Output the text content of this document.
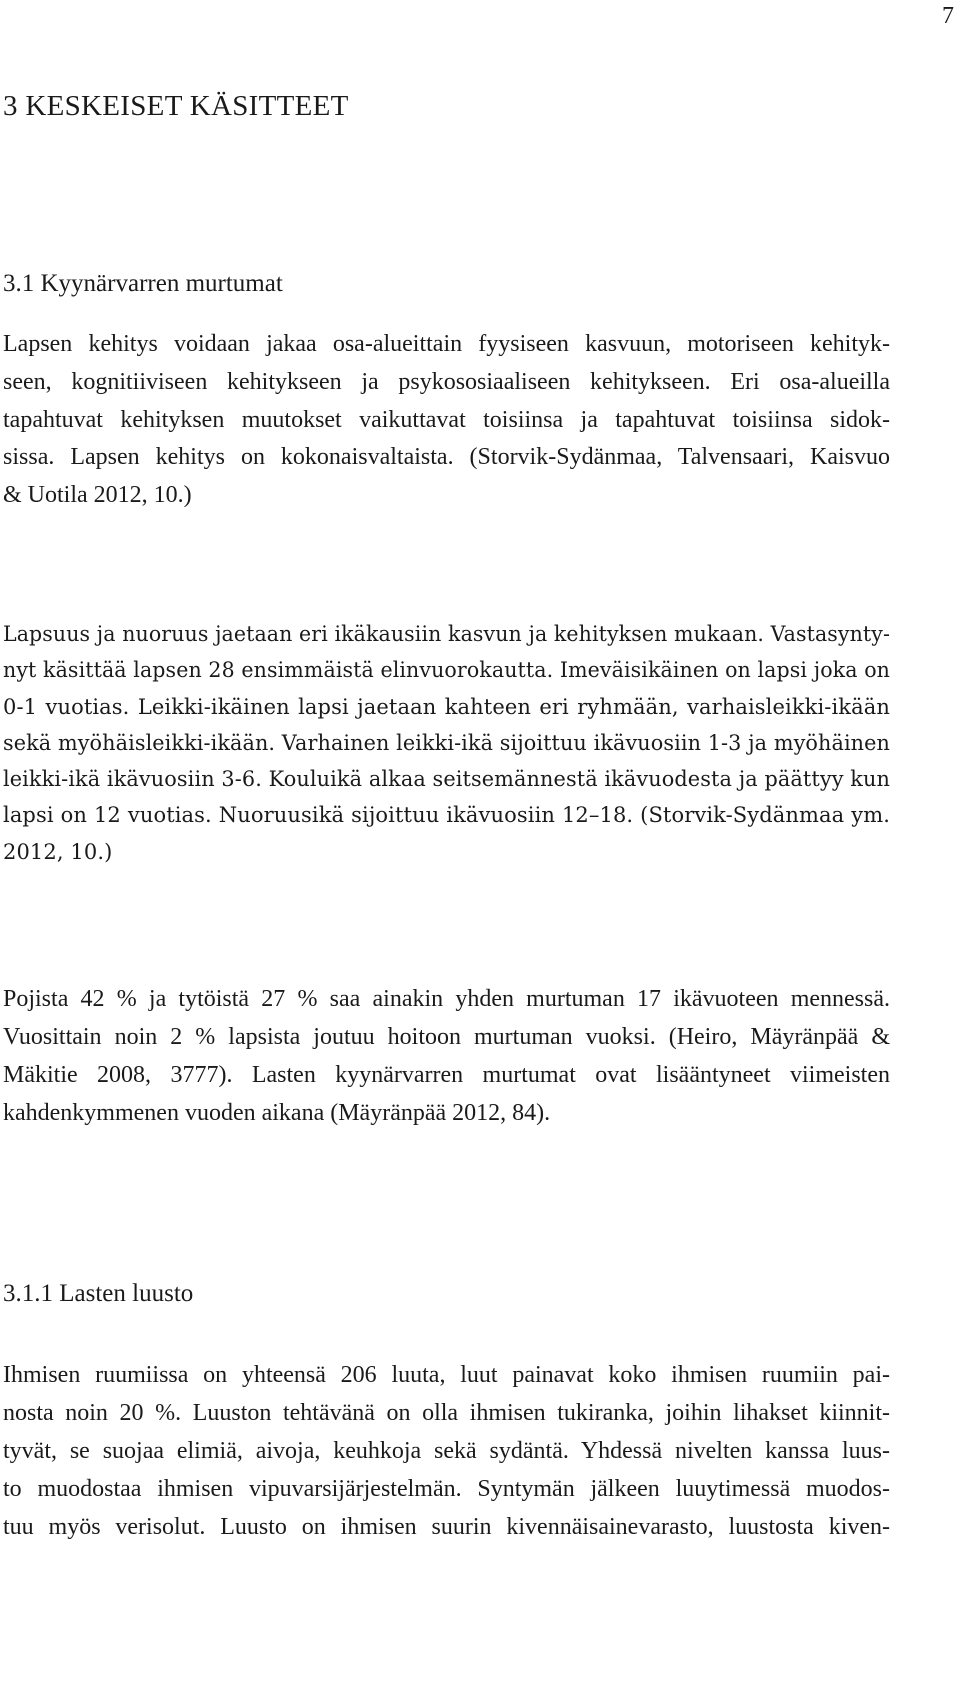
7
3 KESKEISET KÄSITTEET
3.1 Kyynärvarren murtumat
Lapsen kehitys voidaan jakaa osa-alueittain fyysiseen kasvuun, motoriseen kehityk-
seen, kognitiiviseen kehitykseen ja psykososiaaliseen kehitykseen. Eri osa-alueilla
tapahtuvat kehityksen muutokset vaikuttavat toisiinsa ja tapahtuvat toisiinsa sidok-
sissa. Lapsen kehitys on kokonaisvaltaista. (Storvik-Sydänmaa, Talvensaari, Kaisvuo
& Uotila 2012, 10.)
Lapsuus ja nuoruus jaetaan eri ikäkausiin kasvun ja kehityksen mukaan. Vastasynty-
nyt käsittää lapsen 28 ensimmäistä elinvuorokautta. Imeväisikäinen on lapsi joka on
0-1 vuotias. Leikki-ikäinen lapsi jaetaan kahteen eri ryhmään, varhaisleikki-ikään
sekä myöhäisleikki-ikään. Varhainen leikki-ikä sijoittuu ikävuosiin 1-3 ja myöhäinen
leikki-ikä ikävuosiin 3-6. Kouluikä alkaa seitsemännestä ikävuodesta ja päättyy kun
lapsi on 12 vuotias. Nuoruusikä sijoittuu ikävuosiin 12–18. (Storvik-Sydänmaa ym.
2012, 10.)
Pojista 42 % ja tytöistä 27 % saa ainakin yhden murtuman 17 ikävuoteen mennessä.
Vuosittain noin 2 % lapsista joutuu hoitoon murtuman vuoksi. (Heiro, Mäyränpää &
Mäkitie 2008, 3777). Lasten kyynärvarren murtumat ovat lisääntyneet viimeisten
kahdenkymmenen vuoden aikana (Mäyränpää 2012, 84).
3.1.1 Lasten luusto
Ihmisen ruumiissa on yhteensä 206 luuta, luut painavat koko ihmisen ruumiin pai-
nosta noin 20 %. Luuston tehtävänä on olla ihmisen tukiranka, joihin lihakset kiinnit-
tyvät, se suojaa elimiä, aivoja, keuhkoja sekä sydäntä. Yhdessä nivelten kanssa luus-
to muodostaa ihmisen vipuvarsijärjestelmän. Syntymän jälkeen luuytimessä muodos-
tuu myös verisolut. Luusto on ihmisen suurin kivennäisainevarasto, luustosta kiven-
